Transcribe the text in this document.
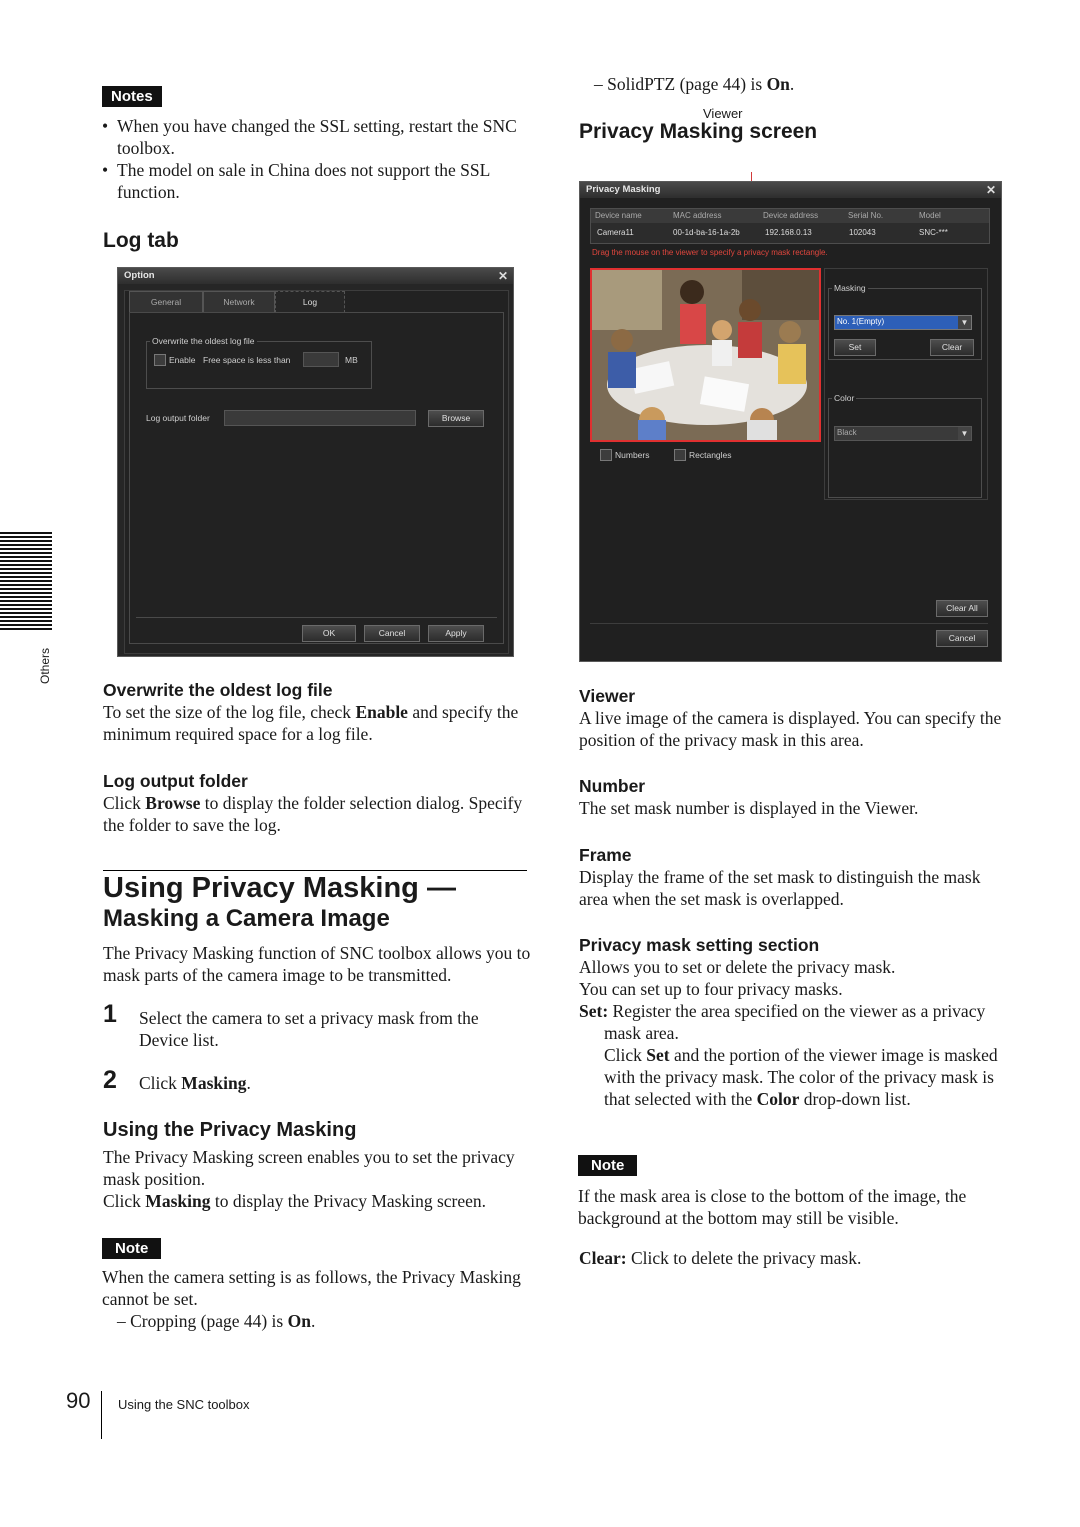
Others
Notes
• When you have changed the SSL setting, restart the SNC toolbox.
• The model on sale in China does not support the SSL function.
Log tab
Option	✕
General	Network	Log
Overwrite the oldest log file
Enable Free space is less than	MB
Log output folder	Browse
OK	Cancel	Apply
Overwrite the oldest log file
To set the size of the log file, check Enable and specify the minimum required space for a log file.
Log output folder
Click Browse to display the folder selection dialog. Specify the folder to save the log.
Using Privacy Masking —
Masking a Camera Image
The Privacy Masking function of SNC toolbox allows you to mask parts of the camera image to be transmitted.
1 Select the camera to set a privacy mask from the Device list.
2 Click Masking.
Using the Privacy Masking
The Privacy Masking screen enables you to set the privacy mask position.
Click Masking to display the Privacy Masking screen.
Note
When the camera setting is as follows, the Privacy Masking cannot be set.
– Cropping (page 44) is On.
– SolidPTZ (page 44) is On.
Viewer
Privacy Masking screen
Privacy Masking	✕
Device name	MAC address	Device address	Serial No.	Model
Camera11	00-1d-ba-16-1a-2b	192.168.0.13	102043	SNC-***
Drag the mouse on the viewer to specify a privacy mask rectangle.
Numbers	Rectangles
Masking
No. 1(Empty)	▼
Set	Clear
Color
Black	▼
Clear All
Cancel
Viewer
A live image of the camera is displayed. You can specify the position of the privacy mask in this area.
Number
The set mask number is displayed in the Viewer.
Frame
Display the frame of the set mask to distinguish the mask area when the set mask is overlapped.
Privacy mask setting section
Allows you to set or delete the privacy mask.
You can set up to four privacy masks.
Set: Register the area specified on the viewer as a privacy mask area.
Click Set and the portion of the viewer image is masked with the privacy mask. The color of the privacy mask is that selected with the Color drop-down list.
Note
If the mask area is close to the bottom of the image, the background at the bottom may still be visible.
Clear: Click to delete the privacy mask.
90 Using the SNC toolbox
